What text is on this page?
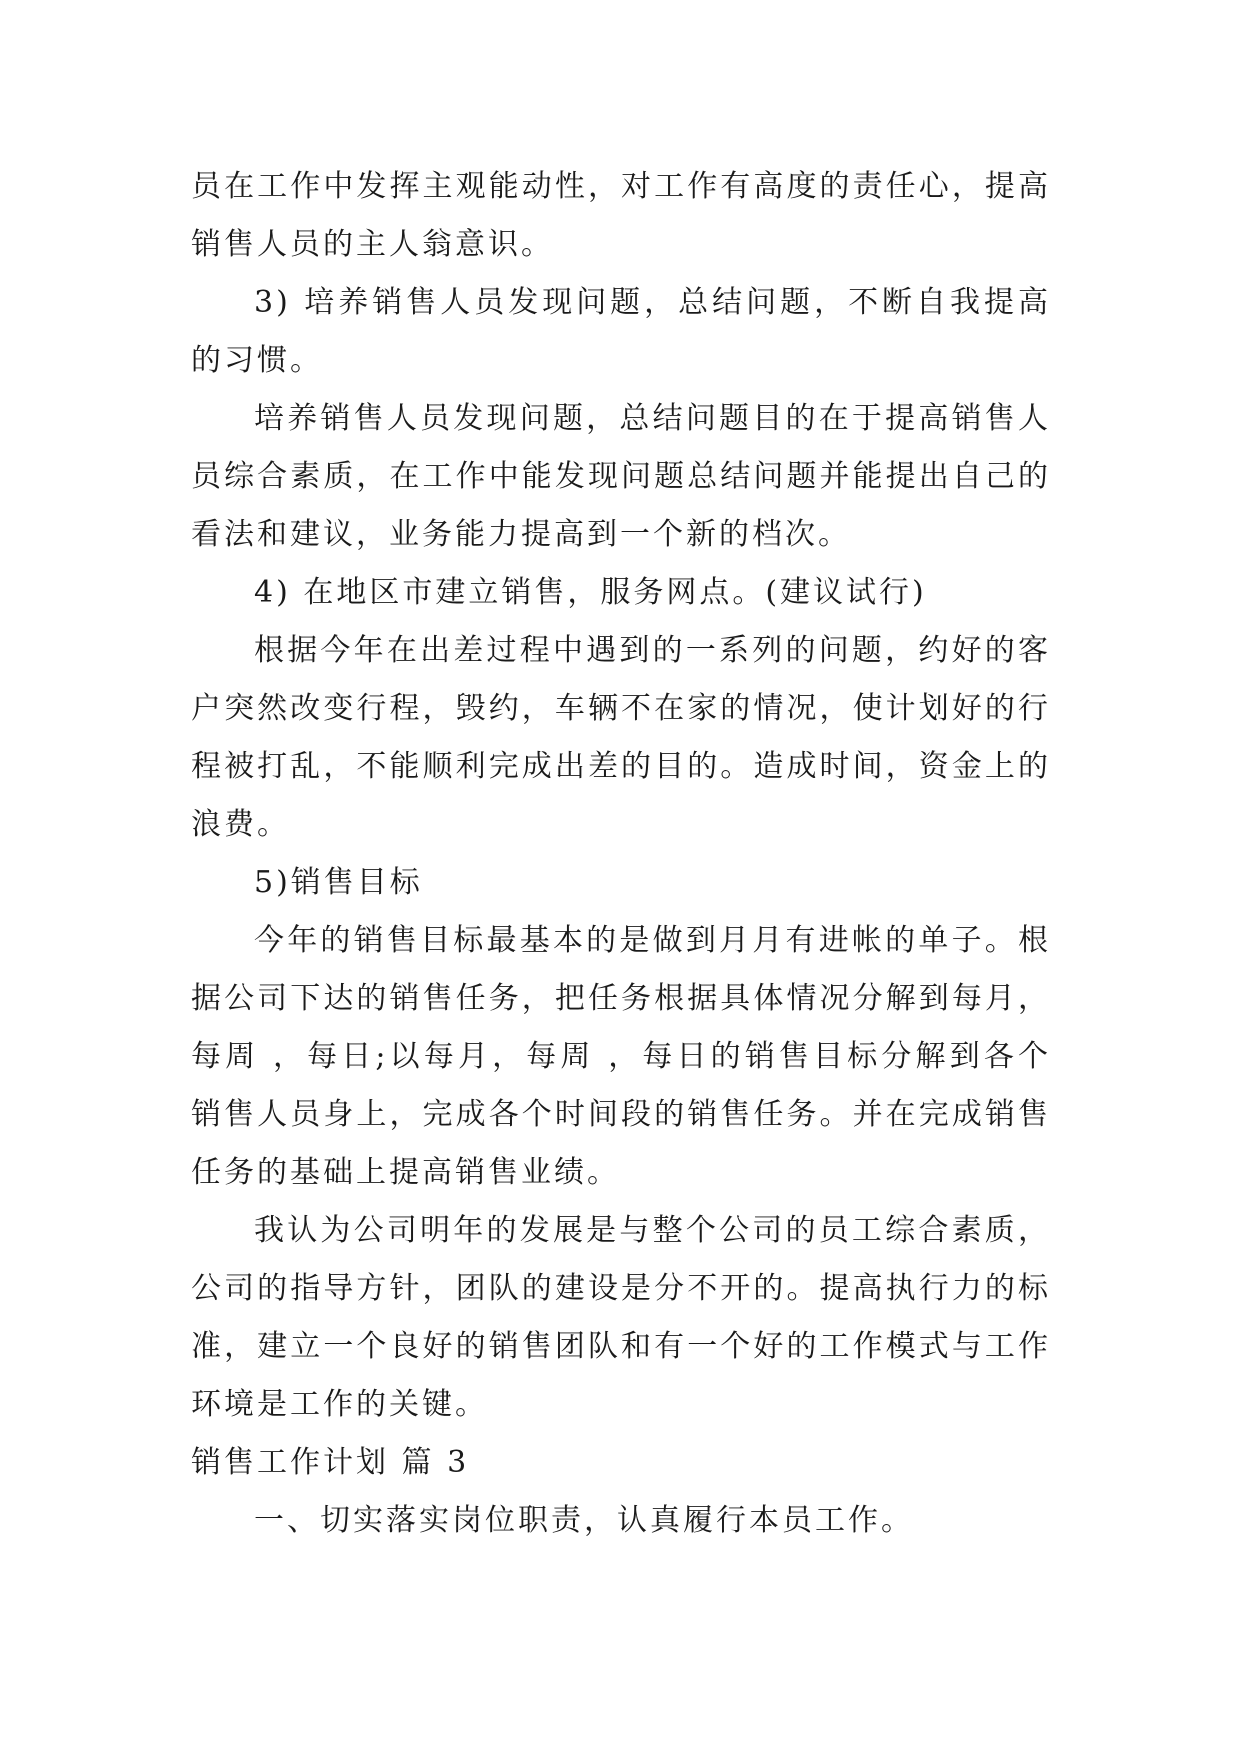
员在工作中发挥主观能动性，对工作有高度的责任心，提高销售人员的主人翁意识。

3) 培养销售人员发现问题，总结问题，不断自我提高的习惯。

培养销售人员发现问题，总结问题目的在于提高销售人员综合素质，在工作中能发现问题总结问题并能提出自己的看法和建议，业务能力提高到一个新的档次。

4) 在地区市建立销售，服务网点。(建议试行)

根据今年在出差过程中遇到的一系列的问题，约好的客户突然改变行程，毁约，车辆不在家的情况，使计划好的行程被打乱，不能顺利完成出差的目的。造成时间，资金上的浪费。

5)销售目标

今年的销售目标最基本的是做到月月有进帐的单子。根据公司下达的销售任务，把任务根据具体情况分解到每月，每周 ，每日;以每月，每周 ，每日的销售目标分解到各个销售人员身上，完成各个时间段的销售任务。并在完成销售任务的基础上提高销售业绩。

我认为公司明年的发展是与整个公司的员工综合素质，公司的指导方针，团队的建设是分不开的。提高执行力的标准，建立一个良好的销售团队和有一个好的工作模式与工作环境是工作的关键。

销售工作计划 篇 3

一、切实落实岗位职责，认真履行本员工作。
